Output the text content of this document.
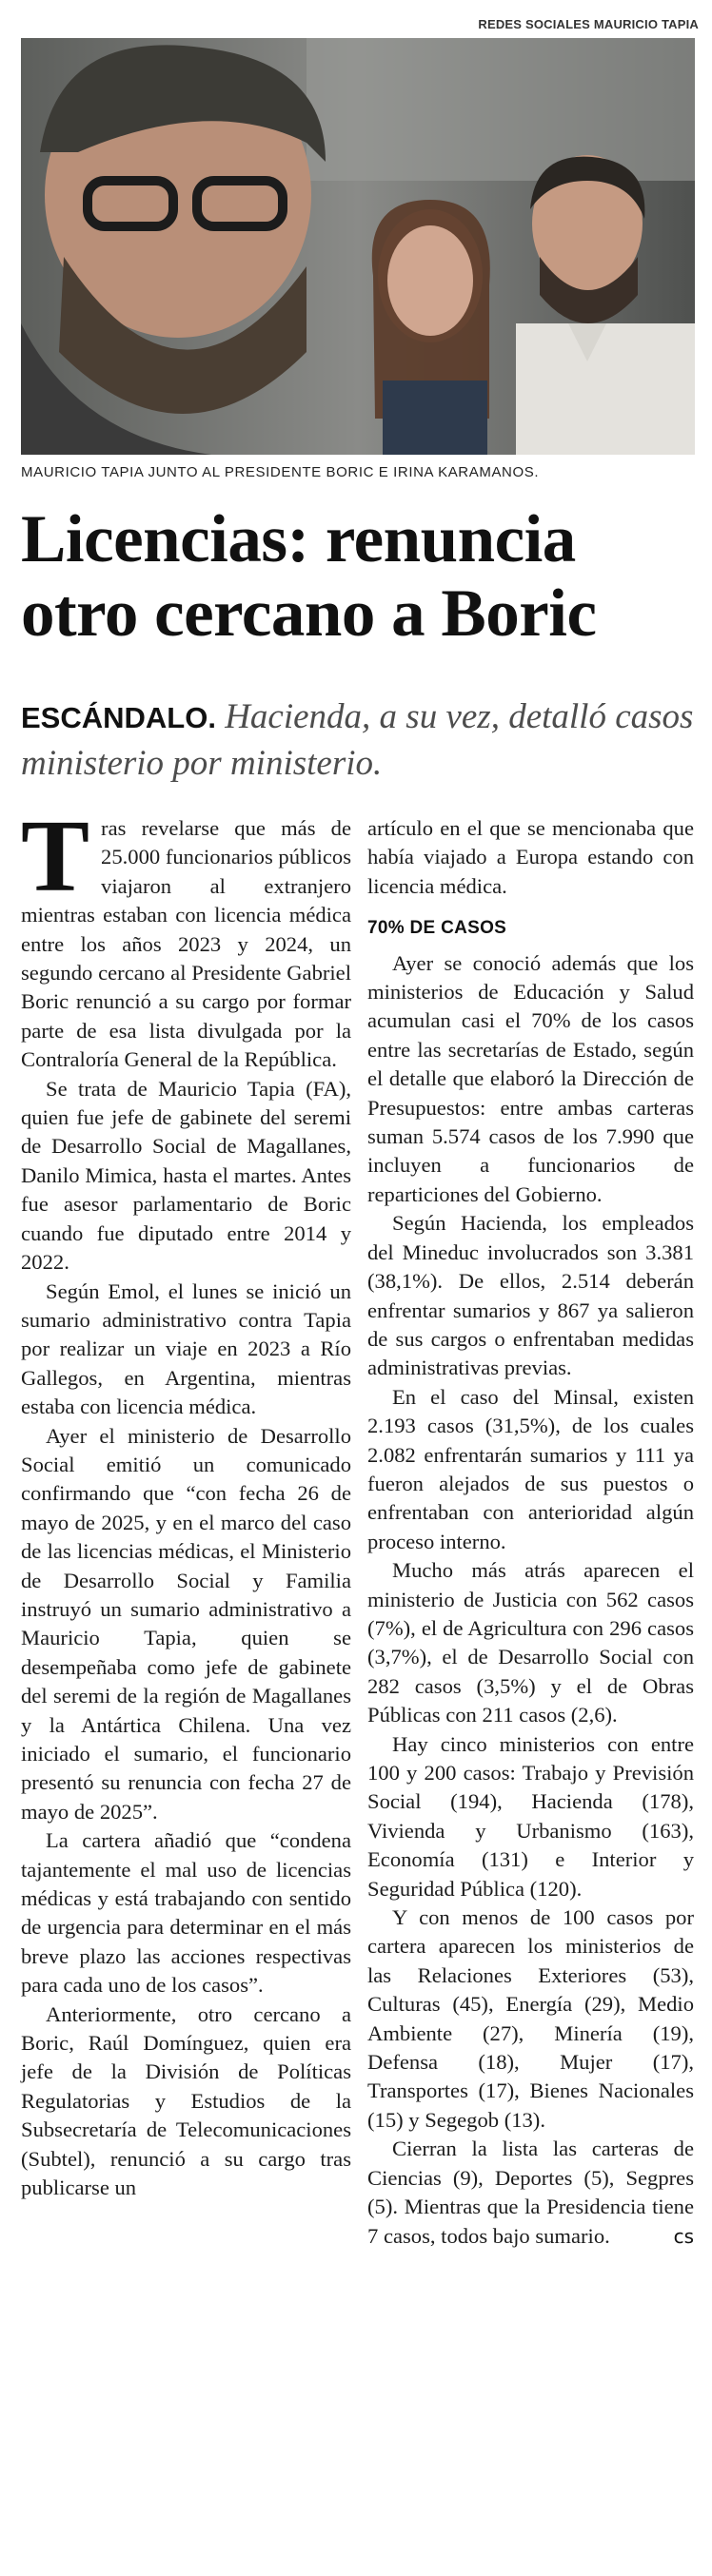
REDES SOCIALES MAURICIO TAPIA
MAURICIO TAPIA JUNTO AL PRESIDENTE BORIC E IRINA KARAMANOS.
Licencias: renuncia otro cercano a Boric
ESCÁNDALO. Hacienda, a su vez, detalló casos ministerio por ministerio.

Tras revelarse que más de 25.000 funcionarios públicos viajaron al extranjero mientras estaban con licencia médica entre los años 2023 y 2024, un segundo cercano al Presidente Gabriel Boric renunció a su cargo por formar parte de esa lista divulgada por la Contraloría General de la República.

Se trata de Mauricio Tapia (FA), quien fue jefe de gabinete del seremi de Desarrollo Social de Magallanes, Danilo Mimica, hasta el martes. Antes fue asesor parlamentario de Boric cuando fue diputado entre 2014 y 2022.

Según Emol, el lunes se inició un sumario administrativo contra Tapia por realizar un viaje en 2023 a Río Gallegos, en Argentina, mientras estaba con licencia médica.

Ayer el ministerio de Desarrollo Social emitió un comunicado confirmando que “con fecha 26 de mayo de 2025, y en el marco del caso de las licencias médicas, el Ministerio de Desarrollo Social y Familia instruyó un sumario administrativo a Mauricio Tapia, quien se desempeñaba como jefe de gabinete del seremi de la región de Magallanes y la Antártica Chilena. Una vez iniciado el sumario, el funcionario presentó su renuncia con fecha 27 de mayo de 2025”.

La cartera añadió que “condena tajantemente el mal uso de licencias médicas y está trabajando con sentido de urgencia para determinar en el más breve plazo las acciones respectivas para cada uno de los casos”.

Anteriormente, otro cercano a Boric, Raúl Domínguez, quien era jefe de la División de Políticas Regulatorias y Estudios de la Subsecretaría de Telecomunicaciones (Subtel), renunció a su cargo tras publicarse un

artículo en el que se mencionaba que había viajado a Europa estando con licencia médica.

70% DE CASOS

Ayer se conoció además que los ministerios de Educación y Salud acumulan casi el 70% de los casos entre las secretarías de Estado, según el detalle que elaboró la Dirección de Presupuestos: entre ambas carteras suman 5.574 casos de los 7.990 que incluyen a funcionarios de reparticiones del Gobierno.

Según Hacienda, los empleados del Mineduc involucrados son 3.381 (38,1%). De ellos, 2.514 deberán enfrentar sumarios y 867 ya salieron de sus cargos o enfrentaban medidas administrativas previas.

En el caso del Minsal, existen 2.193 casos (31,5%), de los cuales 2.082 enfrentarán sumarios y 111 ya fueron alejados de sus puestos o enfrentaban con anterioridad algún proceso interno.

Mucho más atrás aparecen el ministerio de Justicia con 562 casos (7%), el de Agricultura con 296 casos (3,7%), el de Desarrollo Social con 282 casos (3,5%) y el de Obras Públicas con 211 casos (2,6).

Hay cinco ministerios con entre 100 y 200 casos: Trabajo y Previsión Social (194), Hacienda (178), Vivienda y Urbanismo (163), Economía (131) e Interior y Seguridad Pública (120).

Y con menos de 100 casos por cartera aparecen los ministerios de las Relaciones Exteriores (53), Culturas (45), Energía (29), Medio Ambiente (27), Minería (19), Defensa (18), Mujer (17), Transportes (17), Bienes Nacionales (15) y Segegob (13).

Cierran la lista las carteras de Ciencias (9), Deportes (5), Segpres (5). Mientras que la Presidencia tiene 7 casos, todos bajo sumario.	cs
